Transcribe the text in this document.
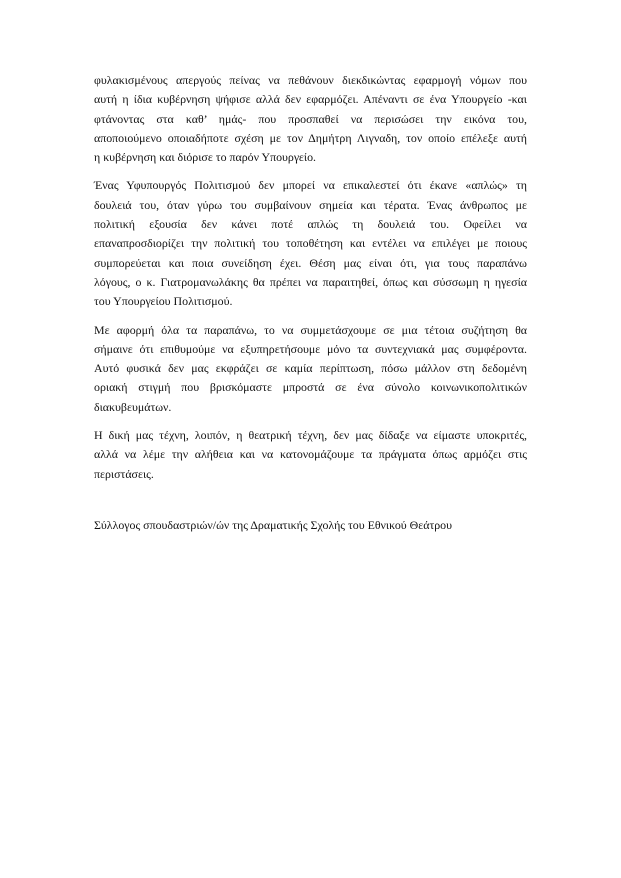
φυλακισμένους απεργούς πείνας να πεθάνουν διεκδικώντας εφαρμογή νόμων που
αυτή η ίδια κυβέρνηση ψήφισε αλλά δεν εφαρμόζει. Απέναντι σε ένα Υπουργείο -και
φτάνοντας στα καθ’ ημάς- που προσπαθεί να περισώσει την εικόνα του,
αποποιούμενο οποιαδήποτε σχέση με τον Δημήτρη Λιγναδη, τον οποίο επέλεξε αυτή
η κυβέρνηση και διόρισε το παρόν Υπουργείο.

Ένας Υφυπουργός Πολιτισμού δεν μπορεί να επικαλεστεί ότι έκανε «απλώς» τη
δουλειά του, όταν γύρω του συμβαίνουν σημεία και τέρατα. Ένας άνθρωπος με
πολιτική εξουσία δεν κάνει ποτέ απλώς τη δουλειά του. Οφείλει να
επαναπροσδιορίζει την πολιτική του τοποθέτηση και εντέλει να επιλέγει με ποιους
συμπορεύεται και ποια συνείδηση έχει. Θέση μας είναι ότι, για τους παραπάνω
λόγους, ο κ. Γιατρομανωλάκης θα πρέπει να παραιτηθεί, όπως και σύσσωμη η ηγεσία
του Υπουργείου Πολιτισμού.

Με αφορμή όλα τα παραπάνω, το να συμμετάσχουμε σε μια τέτοια συζήτηση θα
σήμαινε ότι επιθυμούμε να εξυπηρετήσουμε μόνο τα συντεχνιακά μας συμφέροντα.
Αυτό φυσικά δεν μας εκφράζει σε καμία περίπτωση, πόσω μάλλον στη δεδομένη
οριακή στιγμή που βρισκόμαστε μπροστά σε ένα σύνολο κοινωνικοπολιτικών
διακυβευμάτων.

Η δική μας τέχνη, λοιπόν, η θεατρική τέχνη, δεν μας δίδαξε να είμαστε υποκριτές,
αλλά να λέμε την αλήθεια και να κατονομάζουμε τα πράγματα όπως αρμόζει στις
περιστάσεις.

Σύλλογος σπουδαστριών/ών της Δραματικής Σχολής του Εθνικού Θεάτρου
